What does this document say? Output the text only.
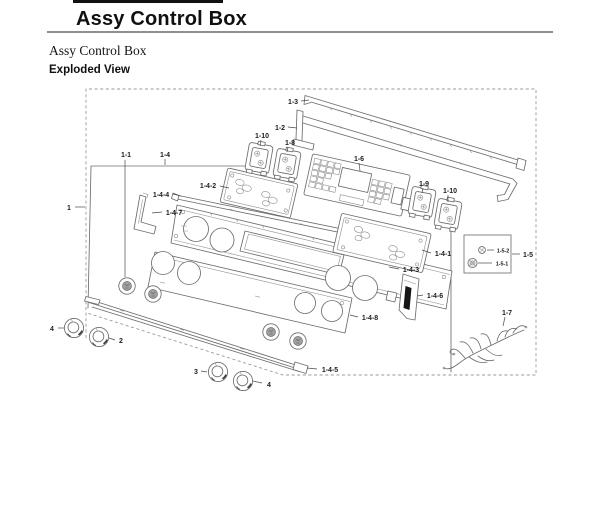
Assy Control Box
Assy Control Box
Exploded View
1
1-1	1-4
1-3
1-2
1-10
1-8
1-6
1-9
1-10
1-4-2
1-4-4
1-4-7
1-4-1
1-4-3
1-4-6
1-4-8
1-4-5
1-5
1-5-2
1-5-1
1-7
4
2
3
4
